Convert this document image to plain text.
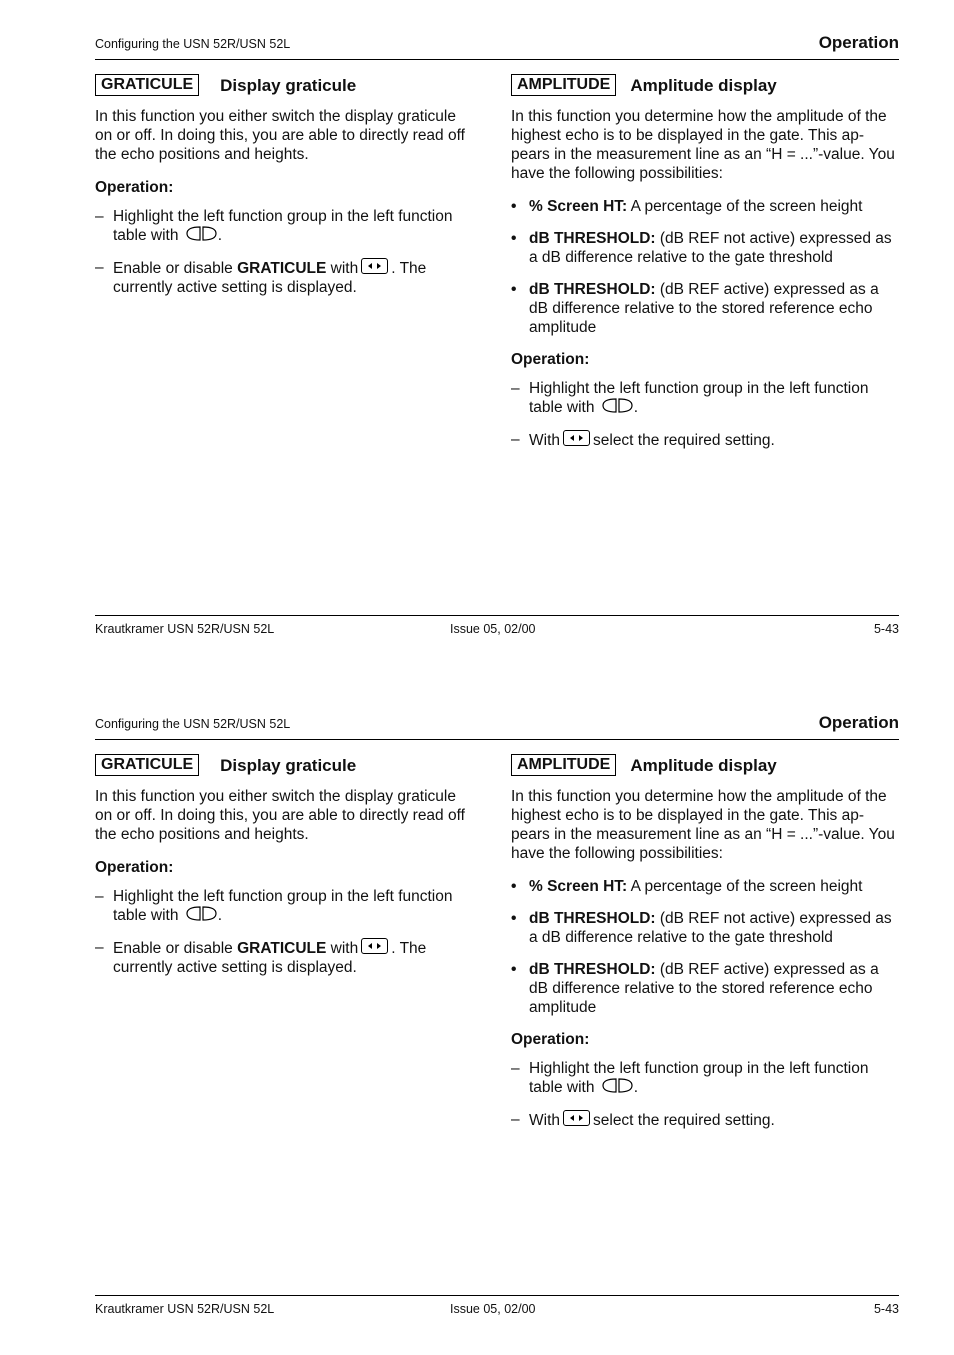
Configuring the USN 52R/USN 52L	Operation
GRATICULE	Display graticule

In this function you either switch the display graticule on or off. In doing this, you are able to directly read off the echo positions and heights.

Operation:

– Highlight the left function group in the left function table with	.
– Enable or disable GRATICULE with . The currently active setting is displayed.
AMPLITUDE	Amplitude display

In this function you determine how the amplitude of the highest echo is to be displayed in the gate. This ap-pears in the measurement line as an “H = ...”-value. You have the following possibilities:

• % Screen HT: A percentage of the screen height
• dB THRESHOLD: (dB REF not active) expressed as a dB difference relative to the gate threshold
• dB THRESHOLD: (dB REF active) expressed as a dB difference relative to the stored reference echo amplitude

Operation:

– Highlight the left function group in the left function table with	.
– With select the required setting.
Krautkramer USN 52R/USN 52L	Issue 05, 02/00	5-43
Configuring the USN 52R/USN 52L	Operation
GRATICULE	Display graticule

In this function you either switch the display graticule on or off. In doing this, you are able to directly read off the echo positions and heights.

Operation:

– Highlight the left function group in the left function table with	.
– Enable or disable GRATICULE with . The currently active setting is displayed.
AMPLITUDE	Amplitude display

In this function you determine how the amplitude of the highest echo is to be displayed in the gate. This ap-pears in the measurement line as an “H = ...”-value. You have the following possibilities:

• % Screen HT: A percentage of the screen height
• dB THRESHOLD: (dB REF not active) expressed as a dB difference relative to the gate threshold
• dB THRESHOLD: (dB REF active) expressed as a dB difference relative to the stored reference echo amplitude

Operation:

– Highlight the left function group in the left function table with	.
– With select the required setting.
Krautkramer USN 52R/USN 52L	Issue 05, 02/00	5-43
